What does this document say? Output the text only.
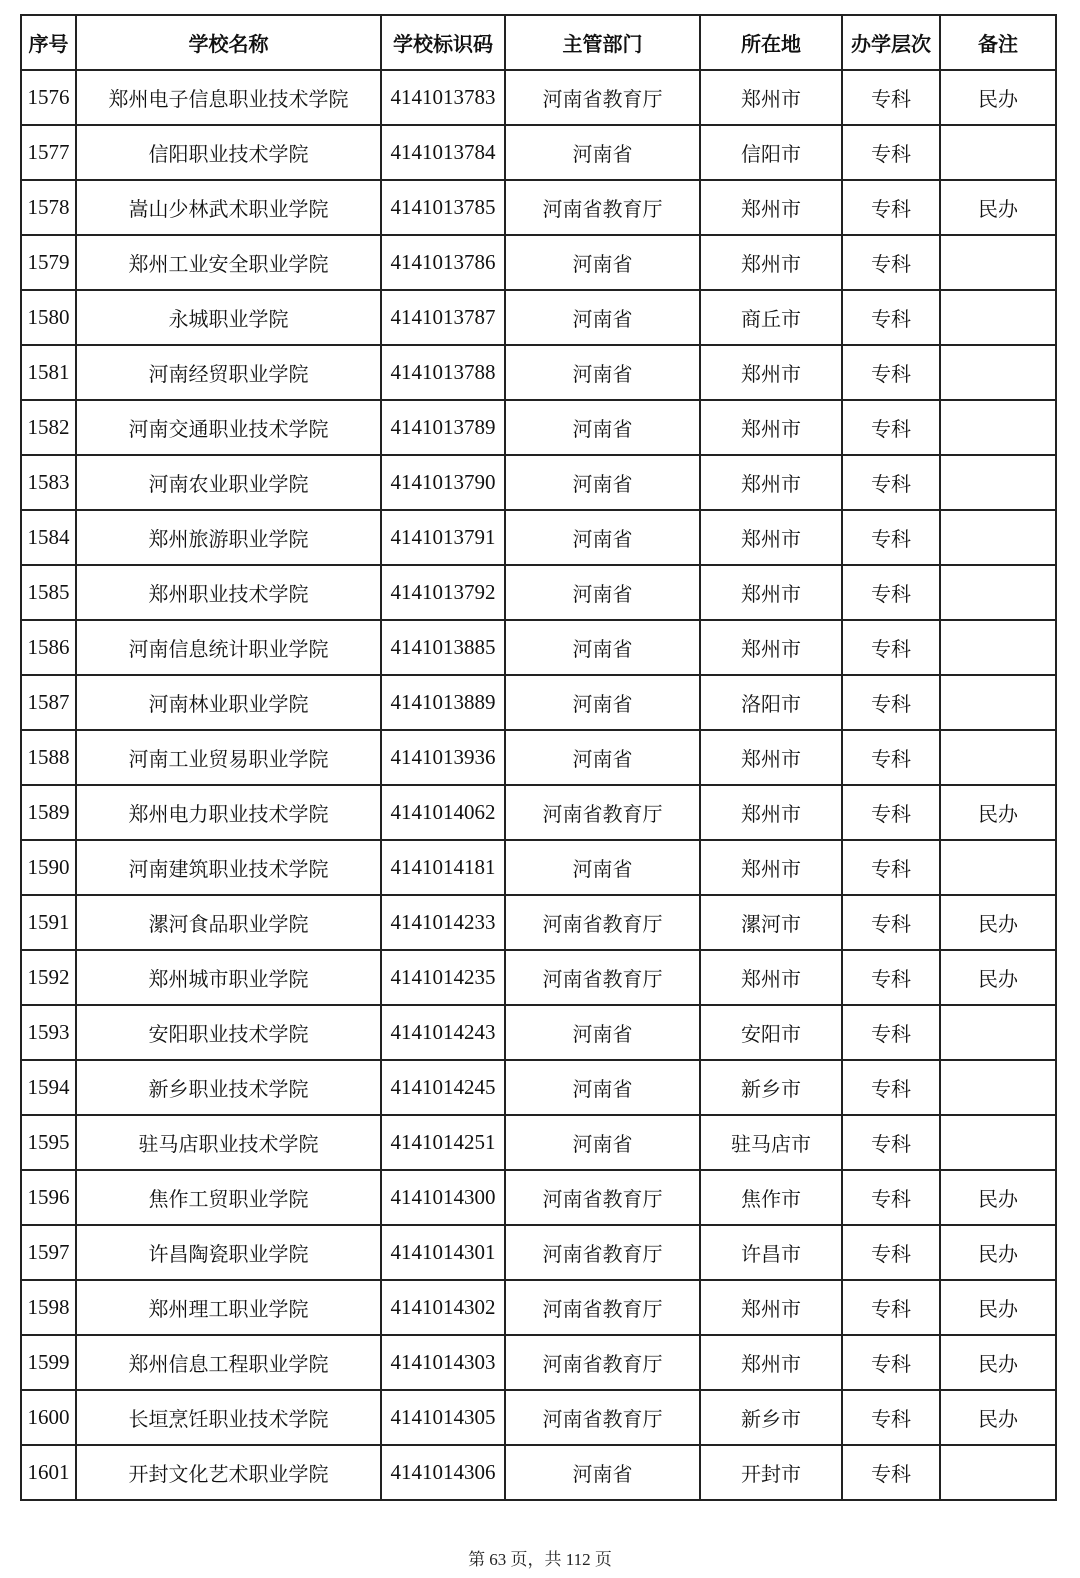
序号	学校名称	学校标识码	主管部门	所在地	办学层次	备注
1576	郑州电子信息职业技术学院	4141013783	河南省教育厅	郑州市	专科	民办
1577	信阳职业技术学院	4141013784	河南省	信阳市	专科	
1578	嵩山少林武术职业学院	4141013785	河南省教育厅	郑州市	专科	民办
1579	郑州工业安全职业学院	4141013786	河南省	郑州市	专科	
1580	永城职业学院	4141013787	河南省	商丘市	专科	
1581	河南经贸职业学院	4141013788	河南省	郑州市	专科	
1582	河南交通职业技术学院	4141013789	河南省	郑州市	专科	
1583	河南农业职业学院	4141013790	河南省	郑州市	专科	
1584	郑州旅游职业学院	4141013791	河南省	郑州市	专科	
1585	郑州职业技术学院	4141013792	河南省	郑州市	专科	
1586	河南信息统计职业学院	4141013885	河南省	郑州市	专科	
1587	河南林业职业学院	4141013889	河南省	洛阳市	专科	
1588	河南工业贸易职业学院	4141013936	河南省	郑州市	专科	
1589	郑州电力职业技术学院	4141014062	河南省教育厅	郑州市	专科	民办
1590	河南建筑职业技术学院	4141014181	河南省	郑州市	专科	
1591	漯河食品职业学院	4141014233	河南省教育厅	漯河市	专科	民办
1592	郑州城市职业学院	4141014235	河南省教育厅	郑州市	专科	民办
1593	安阳职业技术学院	4141014243	河南省	安阳市	专科	
1594	新乡职业技术学院	4141014245	河南省	新乡市	专科	
1595	驻马店职业技术学院	4141014251	河南省	驻马店市	专科	
1596	焦作工贸职业学院	4141014300	河南省教育厅	焦作市	专科	民办
1597	许昌陶瓷职业学院	4141014301	河南省教育厅	许昌市	专科	民办
1598	郑州理工职业学院	4141014302	河南省教育厅	郑州市	专科	民办
1599	郑州信息工程职业学院	4141014303	河南省教育厅	郑州市	专科	民办
1600	长垣烹饪职业技术学院	4141014305	河南省教育厅	新乡市	专科	民办
1601	开封文化艺术职业学院	4141014306	河南省	开封市	专科	
第 63 页，共 112 页
